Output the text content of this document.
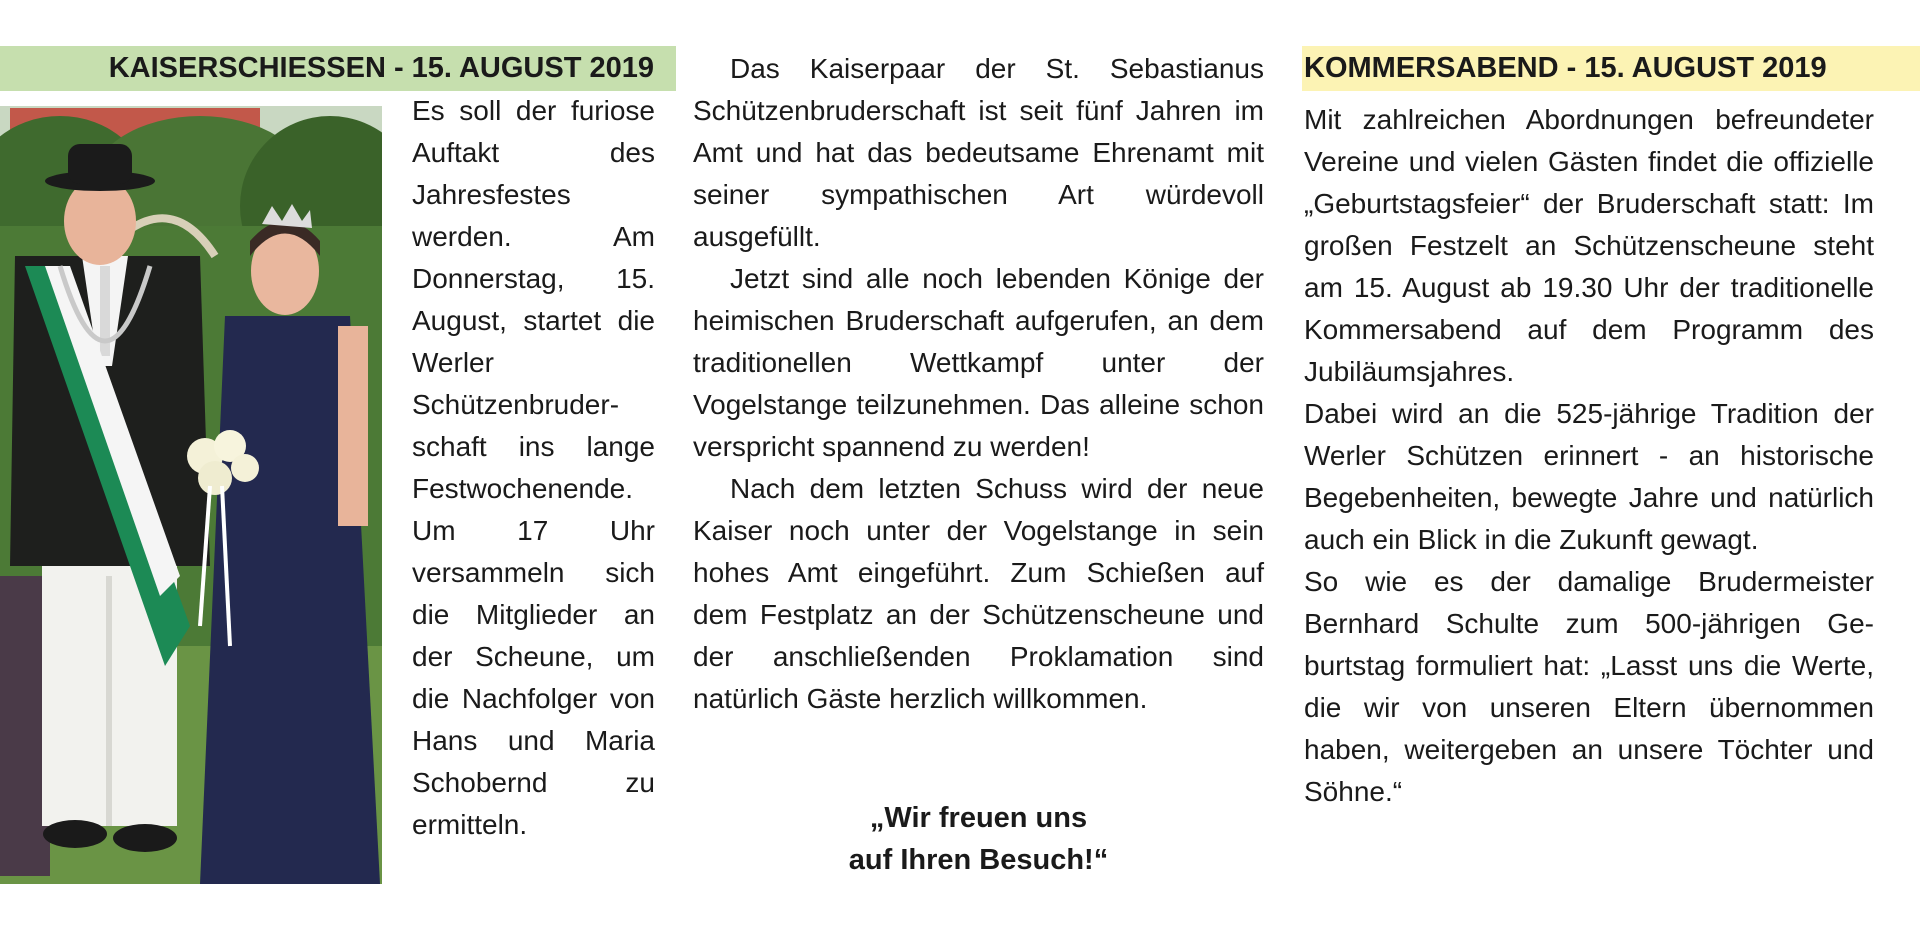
KAISERSCHIESSEN - 15. AUGUST 2019
Es soll der furiose Auftakt des Jahresfestes werden. Am Donnerstag, 15. August, startet die Werler Schützenbruderschaft ins lange Festwochenende. Um 17 Uhr versammeln sich die Mitglieder an der Scheune, um die Nachfolger von Hans und Maria Schobernd zu ermitteln.

Das Kaiserpaar der St. Sebastianus Schützenbruderschaft ist seit fünf Jahren im Amt und hat das bedeutsame Ehrenamt mit seiner sympathischen Art würdevoll ausgefüllt.

Jetzt sind alle noch lebenden Könige der heimischen Bruderschaft aufgerufen, an dem traditionellen Wettkampf unter der Vogelstange teilzunehmen. Das alleine schon verspricht spannend zu werden!

Nach dem letzten Schuss wird der neue Kaiser noch unter der Vogelstange in sein hohes Amt eingeführt. Zum Schießen auf dem Festplatz an der Schützenscheune und der anschließenden Proklamation sind natürlich Gäste herzlich willkommen.

„Wir freuen uns
auf Ihren Besuch!“
KOMMERSABEND - 15. AUGUST 2019

Mit zahlreichen Abordnungen befreundeter Vereine und vielen Gästen findet die offizielle „Geburtstagsfeier“ der Bruderschaft statt: Im großen Festzelt an Schützenscheune steht am 15. August ab 19.30 Uhr der traditionelle Kommersabend auf dem Programm des Jubiläumsjahres.

Dabei wird an die 525-jährige Tradition der Werler Schützen erinnert - an historische Begebenheiten, bewegte Jahre und natürlich auch ein Blick in die Zukunft gewagt.

So wie es der damalige Brudermeister Bernhard Schulte zum 500-jährigen Geburtstag formuliert hat: „Lasst uns die Werte, die wir von unseren Eltern übernommen haben, weitergeben an unsere Töchter und Söhne.“
